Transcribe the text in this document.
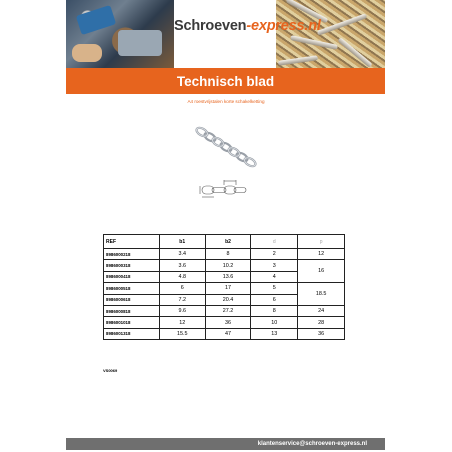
Schroeven-express.nl
Technisch blad
A4 roestvrijstalen korte schakelketting
REF	b1	b2	d	p
8986000218	3.4	8	2	12
8986000318	3.6	10.2	3	16
8986000418	4.8	13.6	4	
8986000518	6	17	5	18.5
8986000618	7.2	20.4	6	
8986000818	9.6	27.2	8	24
8986001018	12	36	10	28
8986001318	15.5	47	13	36
VS0069
klantenservice@schroeven-express.nl
